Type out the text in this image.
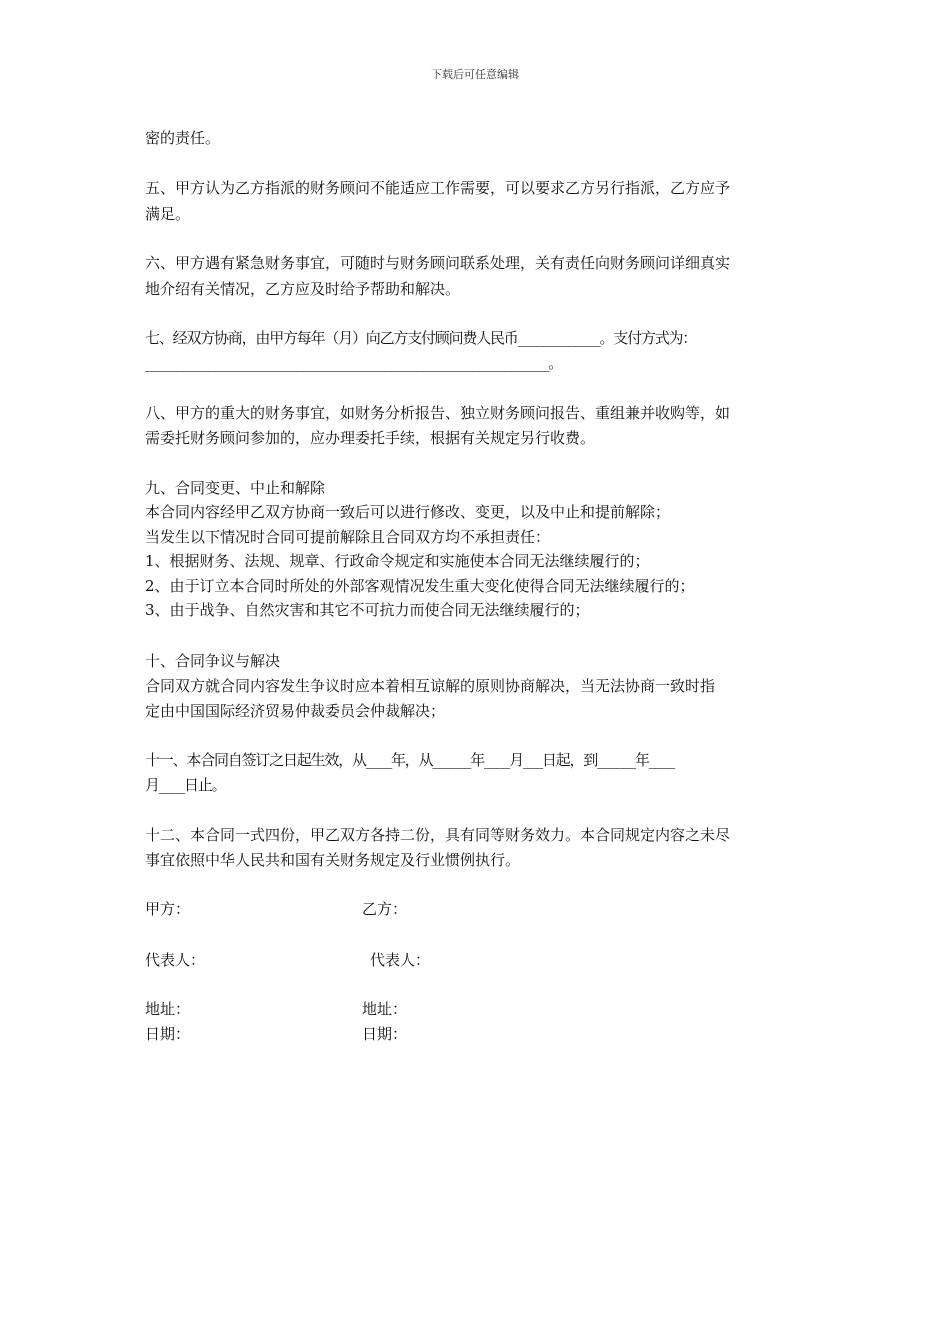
下载后可任意编辑
密的责任。
五、甲方认为乙方指派的财务顾问不能适应工作需要，可以要求乙方另行指派，乙方应予
满足。
六、甲方遇有紧急财务事宜，可随时与财务顾问联系处理，关有责任向财务顾问详细真实
地介绍有关情况，乙方应及时给予帮助和解决。
七、经双方协商，由甲方每年（月）向乙方支付顾问费人民币_____________。支付方式为：
________________________________________________________________。
八、甲方的重大的财务事宜，如财务分析报告、独立财务顾问报告、重组兼并收购等，如
需委托财务顾问参加的，应办理委托手续，根据有关规定另行收费。
九、合同变更、中止和解除
本合同内容经甲乙双方协商一致后可以进行修改、变更，以及中止和提前解除；
当发生以下情况时合同可提前解除且合同双方均不承担责任：
1、根据财务、法规、规章、行政命令规定和实施使本合同无法继续履行的；
2、由于订立本合同时所处的外部客观情况发生重大变化使得合同无法继续履行的；
3、由于战争、自然灾害和其它不可抗力而使合同无法继续履行的；
十、合同争议与解决
合同双方就合同内容发生争议时应本着相互谅解的原则协商解决，当无法协商一致时指
定由中国国际经济贸易仲裁委员会仲裁解决；
十一、本合同自签订之日起生效，从____年，从______年____月___日起，到______年____
月____日止。
十二、本合同一式四份，甲乙双方各持二份，具有同等财务效力。本合同规定内容之未尽
事宜依照中华人民共和国有关财务规定及行业惯例执行。
甲方：	乙方：
代表人：	代表人：
地址：	地址：
日期：	日期：
